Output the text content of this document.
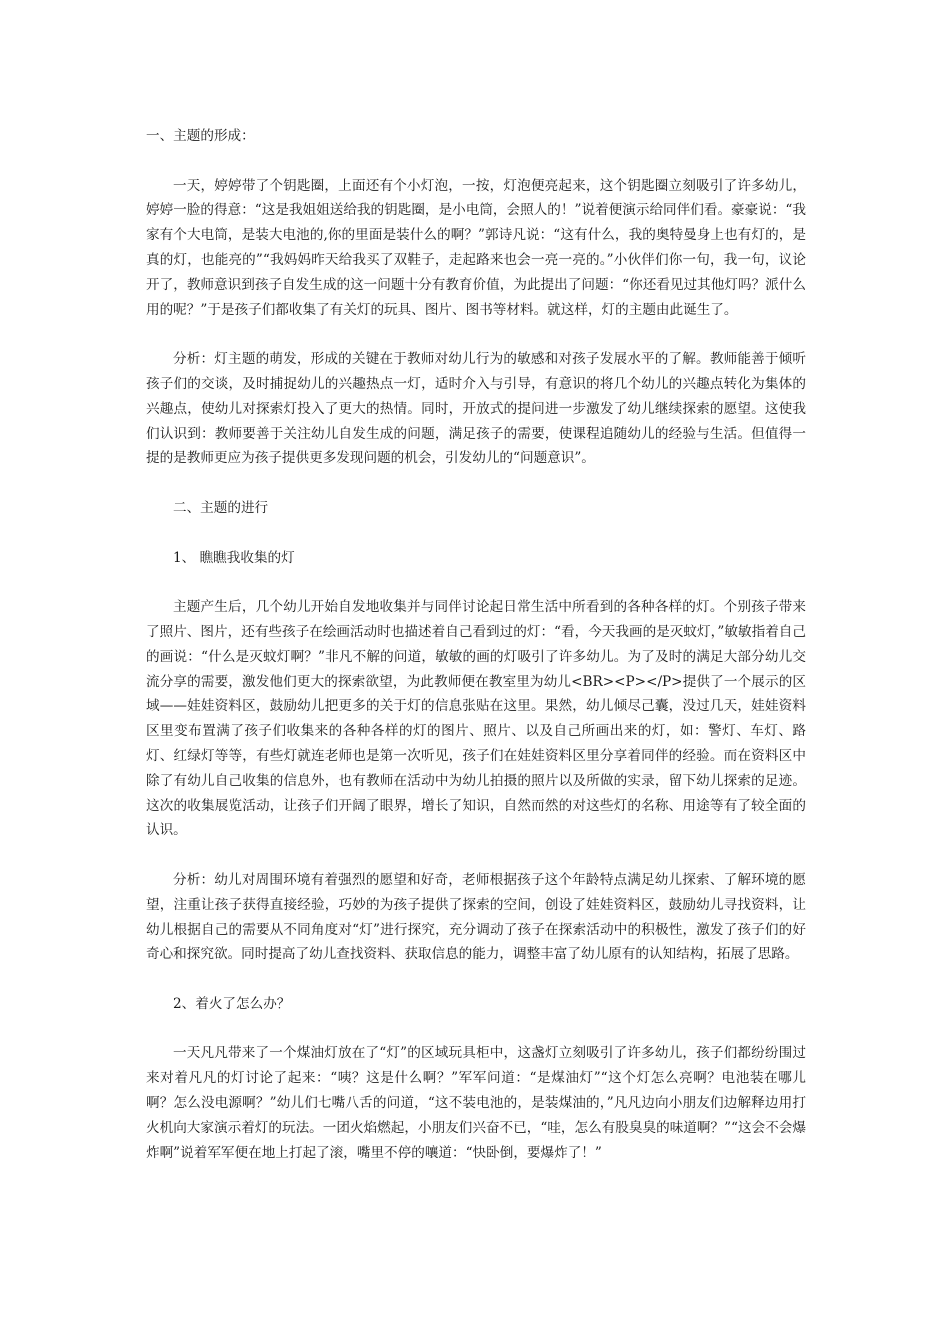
一、主题的形成：

一天，婷婷带了个钥匙圈，上面还有个小灯泡，一按，灯泡便亮起来，这个钥匙圈立刻吸引了许多幼儿，婷婷一脸的得意：“这是我姐姐送给我的钥匙圈，是小电筒，会照人的！”说着便演示给同伴们看。豪豪说：“我家有个大电筒，是装大电池的,你的里面是装什么的啊？”郭诗凡说：“这有什么，我的奥特曼身上也有灯的，是真的灯，也能亮的”“我妈妈昨天给我买了双鞋子，走起路来也会一亮一亮的。”小伙伴们你一句，我一句，议论开了，教师意识到孩子自发生成的这一问题十分有教育价值，为此提出了问题：“你还看见过其他灯吗？派什么用的呢？”于是孩子们都收集了有关灯的玩具、图片、图书等材料。就这样，灯的主题由此诞生了。

分析：灯主题的萌发，形成的关键在于教师对幼儿行为的敏感和对孩子发展水平的了解。教师能善于倾听孩子们的交谈，及时捕捉幼儿的兴趣热点一灯，适时介入与引导，有意识的将几个幼儿的兴趣点转化为集体的兴趣点，使幼儿对探索灯投入了更大的热情。同时，开放式的提问进一步激发了幼儿继续探索的愿望。这使我们认识到：教师要善于关注幼儿自发生成的问题，满足孩子的需要，使课程追随幼儿的经验与生活。但值得一提的是教师更应为孩子提供更多发现问题的机会，引发幼儿的“问题意识”。

二、主题的进行

1、 瞧瞧我收集的灯

主题产生后，几个幼儿开始自发地收集并与同伴讨论起日常生活中所看到的各种各样的灯。个别孩子带来了照片、图片，还有些孩子在绘画活动时也描述着自己看到过的灯：“看，今天我画的是灭蚊灯，”敏敏指着自己的画说：“什么是灭蚊灯啊？”非凡不解的问道，敏敏的画的灯吸引了许多幼儿。为了及时的满足大部分幼儿交流分享的需要，激发他们更大的探索欲望，为此教师便在教室里为幼儿<BR><P></P>提供了一个展示的区域——娃娃资料区，鼓励幼儿把更多的关于灯的信息张贴在这里。果然，幼儿倾尽己囊，没过几天，娃娃资料区里变布置满了孩子们收集来的各种各样的灯的图片、照片、以及自己所画出来的灯，如：警灯、车灯、路灯、红绿灯等等，有些灯就连老师也是第一次听见，孩子们在娃娃资料区里分享着同伴的经验。而在资料区中除了有幼儿自己收集的信息外，也有教师在活动中为幼儿拍摄的照片以及所做的实录，留下幼儿探索的足迹。这次的收集展览活动，让孩子们开阔了眼界，增长了知识，自然而然的对这些灯的名称、用途等有了较全面的认识。

分析：幼儿对周围环境有着强烈的愿望和好奇，老师根据孩子这个年龄特点满足幼儿探索、了解环境的愿望，注重让孩子获得直接经验，巧妙的为孩子提供了探索的空间，创设了娃娃资料区，鼓励幼儿寻找资料，让幼儿根据自己的需要从不同角度对“灯”进行探究，充分调动了孩子在探索活动中的积极性，激发了孩子们的好奇心和探究欲。同时提高了幼儿查找资料、获取信息的能力，调整丰富了幼儿原有的认知结构，拓展了思路。

2、着火了怎么办？

一天凡凡带来了一个煤油灯放在了“灯”的区域玩具柜中，这盏灯立刻吸引了许多幼儿，孩子们都纷纷围过来对着凡凡的灯讨论了起来：“咦？这是什么啊？”军军问道：“是煤油灯”“这个灯怎么亮啊？电池装在哪儿啊？怎么没电源啊？”幼儿们七嘴八舌的问道，“这不装电池的，是装煤油的，”凡凡边向小朋友们边解释边用打火机向大家演示着灯的玩法。一团火焰燃起，小朋友们兴奋不已，“哇，怎么有股臭臭的味道啊？”“这会不会爆炸啊”说着军军便在地上打起了滚，嘴里不停的嚷道：“快卧倒，要爆炸了！”
